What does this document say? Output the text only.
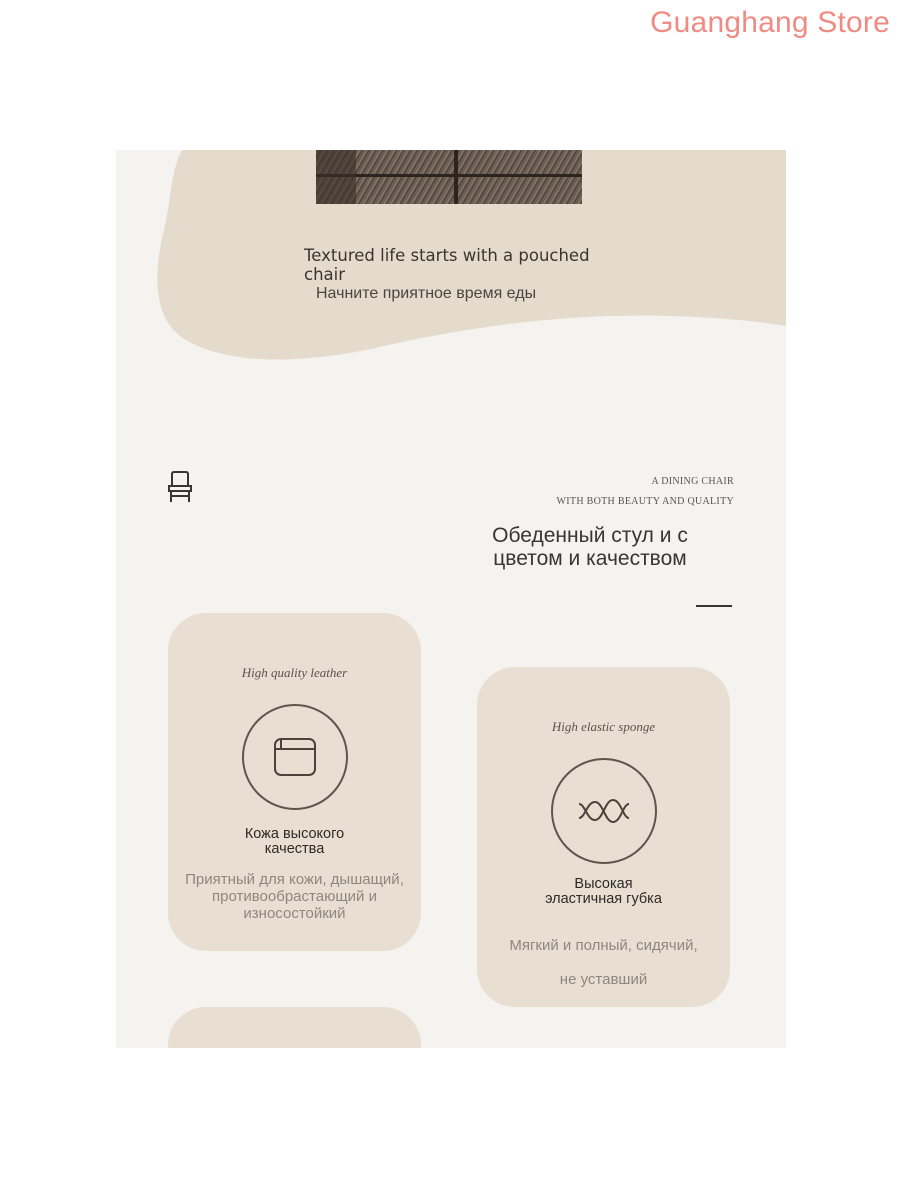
Guanghang Store
Textured life starts with a pouched chair
Начните приятное время еды
A DINING CHAIR
WITH BOTH BEAUTY AND QUALITY
Обеденный стул и с
цветом и качеством
High quality leather
Кожа высокого
качества
Приятный для кожи, дышащий,
противообрастающий и
износостойкий
High elastic sponge
Высокая
эластичная губка
Мягкий и полный, сидячий,
не уставший
